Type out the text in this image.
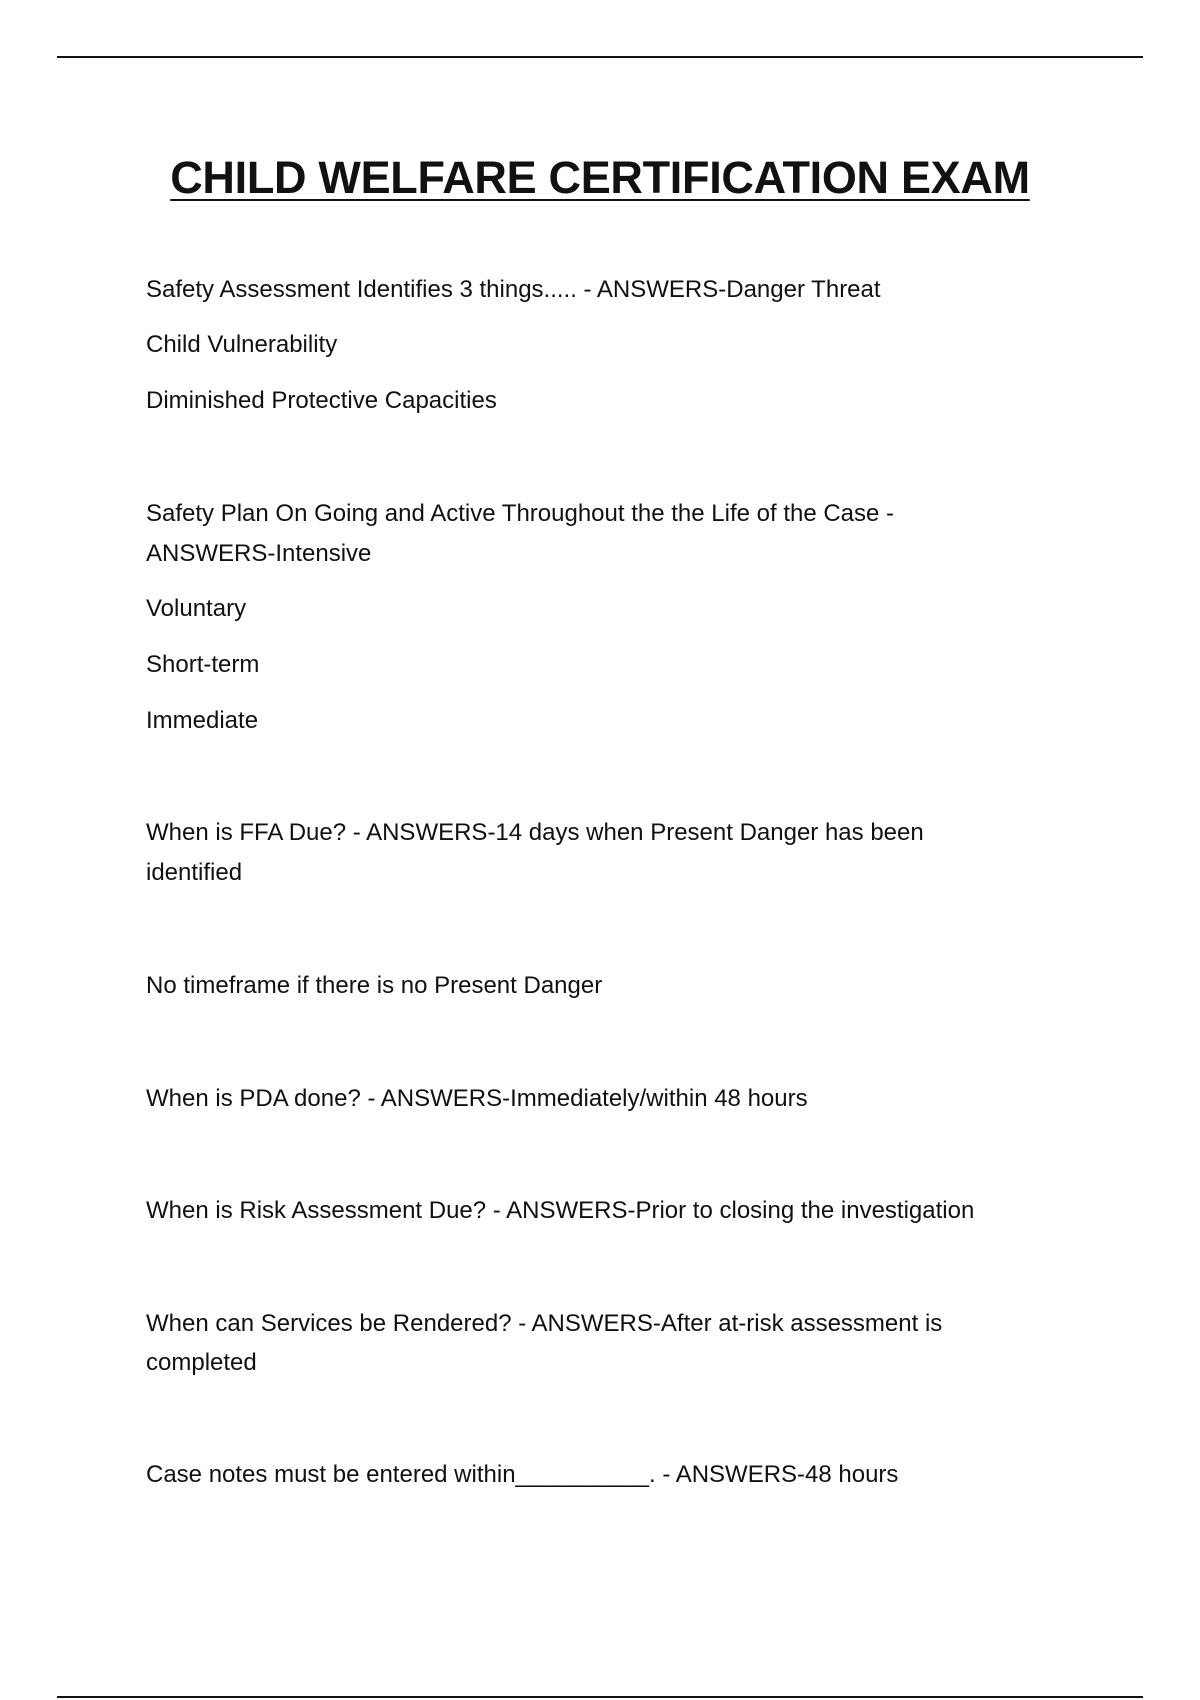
CHILD WELFARE CERTIFICATION EXAM
Safety Assessment Identifies 3 things..... - ANSWERS-Danger Threat
Child Vulnerability
Diminished Protective Capacities
Safety Plan On Going and Active Throughout the the Life of the Case -
ANSWERS-Intensive
Voluntary
Short-term
Immediate
When is FFA Due? - ANSWERS-14 days when Present Danger has been
identified
No timeframe if there is no Present Danger
When is PDA done? - ANSWERS-Immediately/within 48 hours
When is Risk Assessment Due? - ANSWERS-Prior to closing the investigation
When can Services be Rendered? - ANSWERS-After at-risk assessment is
completed
Case notes must be entered within__________. - ANSWERS-48 hours
